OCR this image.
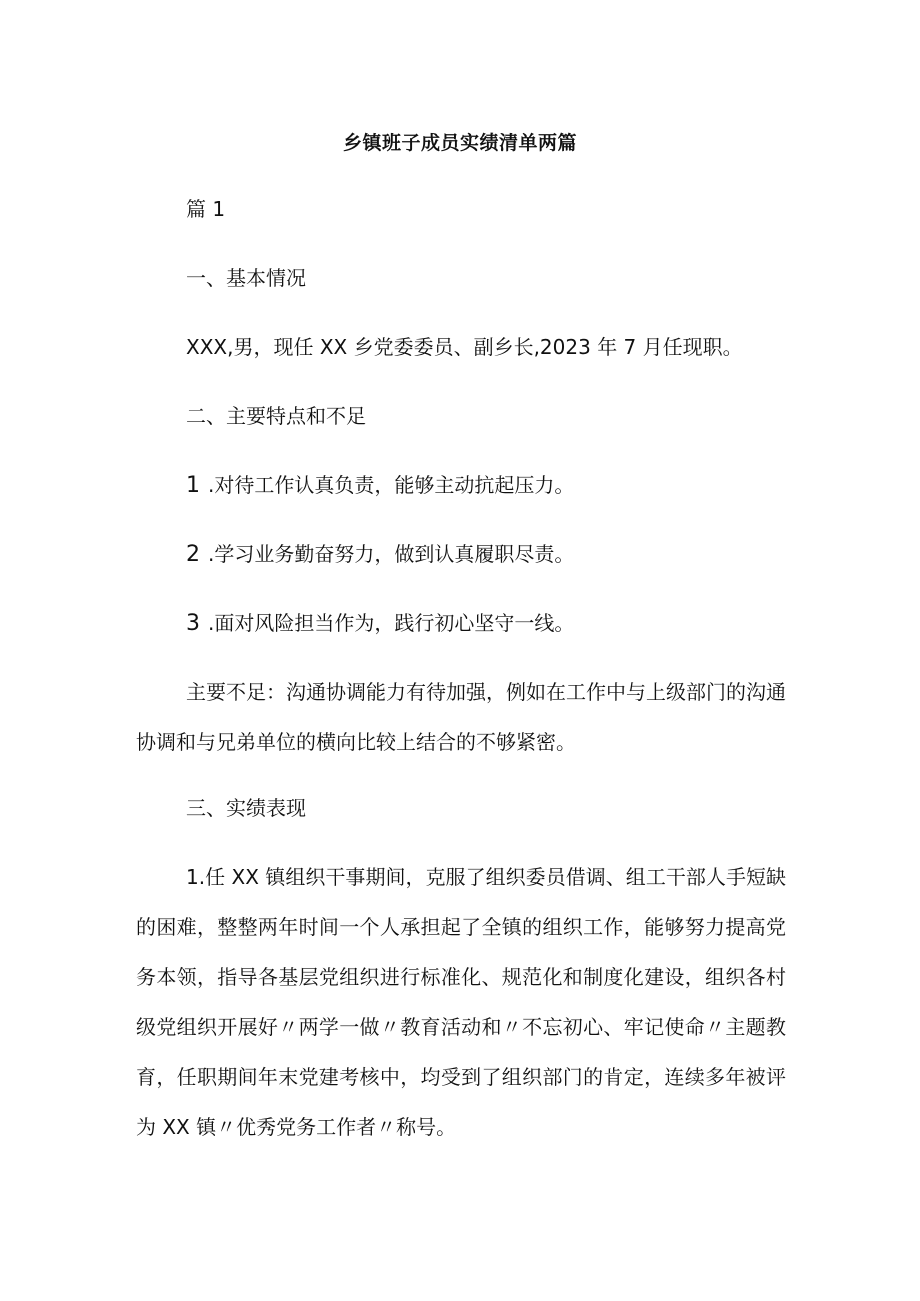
乡镇班子成员实绩清单两篇
篇 1
一、基本情况
XXX,男，现任 XX 乡党委委员、副乡长,2023 年 7 月任现职。
二、主要特点和不足
1 .对待工作认真负责，能够主动抗起压力。
2 .学习业务勤奋努力，做到认真履职尽责。
3 .面对风险担当作为，践行初心坚守一线。
主要不足：沟通协调能力有待加强，例如在工作中与上级部门的沟通协调和与兄弟单位的横向比较上结合的不够紧密。
三、实绩表现
1.任 XX 镇组织干事期间，克服了组织委员借调、组工干部人手短缺的困难，整整两年时间一个人承担起了全镇的组织工作，能够努力提高党务本领，指导各基层党组织进行标准化、规范化和制度化建设，组织各村级党组织开展好〃两学一做〃教育活动和〃不忘初心、牢记使命〃主题教育，任职期间年末党建考核中，均受到了组织部门的肯定，连续多年被评为 XX 镇〃优秀党务工作者〃称号。
